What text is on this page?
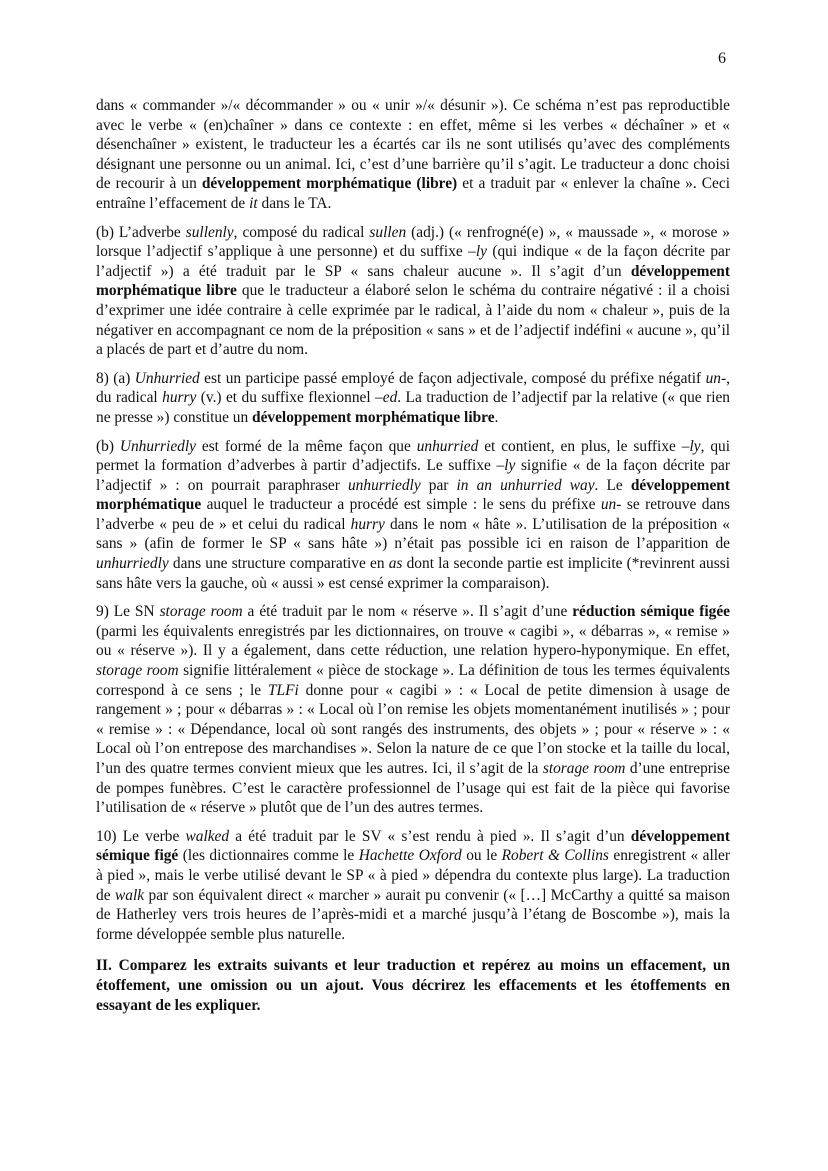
6

dans « commander »/« décommander » ou « unir »/« désunir »). Ce schéma n’est pas reproductible avec le verbe « (en)chaîner » dans ce contexte : en effet, même si les verbes « déchaîner » et « désenchaîner » existent, le traducteur les a écartés car ils ne sont utilisés qu’avec des compléments désignant une personne ou un animal. Ici, c’est d’une barrière qu’il s’agit. Le traducteur a donc choisi de recourir à un développement morphématique (libre) et a traduit par « enlever la chaîne ». Ceci entraîne l’effacement de it dans le TA.

(b) L’adverbe sullenly, composé du radical sullen (adj.) (« renfrogné(e) », « maussade », « morose » lorsque l’adjectif s’applique à une personne) et du suffixe –ly (qui indique « de la façon décrite par l’adjectif ») a été traduit par le SP « sans chaleur aucune ». Il s’agit d’un développement morphématique libre que le traducteur a élaboré selon le schéma du contraire négativé : il a choisi d’exprimer une idée contraire à celle exprimée par le radical, à l’aide du nom « chaleur », puis de la négativer en accompagnant ce nom de la préposition « sans » et de l’adjectif indéfini « aucune », qu’il a placés de part et d’autre du nom.

8) (a) Unhurried est un participe passé employé de façon adjectivale, composé du préfixe négatif un-, du radical hurry (v.) et du suffixe flexionnel –ed. La traduction de l’adjectif par la relative (« que rien ne presse ») constitue un développement morphématique libre.

(b) Unhurriedly est formé de la même façon que unhurried et contient, en plus, le suffixe –ly, qui permet la formation d’adverbes à partir d’adjectifs. Le suffixe –ly signifie « de la façon décrite par l’adjectif » : on pourrait paraphraser unhurriedly par in an unhurried way. Le développement morphématique auquel le traducteur a procédé est simple : le sens du préfixe un- se retrouve dans l’adverbe « peu de » et celui du radical hurry dans le nom « hâte ». L’utilisation de la préposition « sans » (afin de former le SP « sans hâte ») n’était pas possible ici en raison de l’apparition de unhurriedly dans une structure comparative en as dont la seconde partie est implicite (*revinrent aussi sans hâte vers la gauche, où « aussi » est censé exprimer la comparaison).

9) Le SN storage room a été traduit par le nom « réserve ». Il s’agit d’une réduction sémique figée (parmi les équivalents enregistrés par les dictionnaires, on trouve « cagibi », « débarras », « remise » ou « réserve »). Il y a également, dans cette réduction, une relation hypero-hyponymique. En effet, storage room signifie littéralement « pièce de stockage ». La définition de tous les termes équivalents correspond à ce sens ; le TLFi donne pour « cagibi » : « Local de petite dimension à usage de rangement » ; pour « débarras » : « Local où l’on remise les objets momentanément inutilisés » ; pour « remise » : « Dépendance, local où sont rangés des instruments, des objets » ; pour « réserve » : « Local où l’on entrepose des marchandises ». Selon la nature de ce que l’on stocke et la taille du local, l’un des quatre termes convient mieux que les autres. Ici, il s’agit de la storage room d’une entreprise de pompes funèbres. C’est le caractère professionnel de l’usage qui est fait de la pièce qui favorise l’utilisation de « réserve » plutôt que de l’un des autres termes.

10) Le verbe walked a été traduit par le SV « s’est rendu à pied ». Il s’agit d’un développement sémique figé (les dictionnaires comme le Hachette Oxford ou le Robert & Collins enregistrent « aller à pied », mais le verbe utilisé devant le SP « à pied » dépendra du contexte plus large). La traduction de walk par son équivalent direct « marcher » aurait pu convenir (« […] McCarthy a quitté sa maison de Hatherley vers trois heures de l’après-midi et a marché jusqu’à l’étang de Boscombe »), mais la forme développée semble plus naturelle.

II. Comparez les extraits suivants et leur traduction et repérez au moins un effacement, un étoffement, une omission ou un ajout. Vous décrirez les effacements et les étoffements en essayant de les expliquer.
